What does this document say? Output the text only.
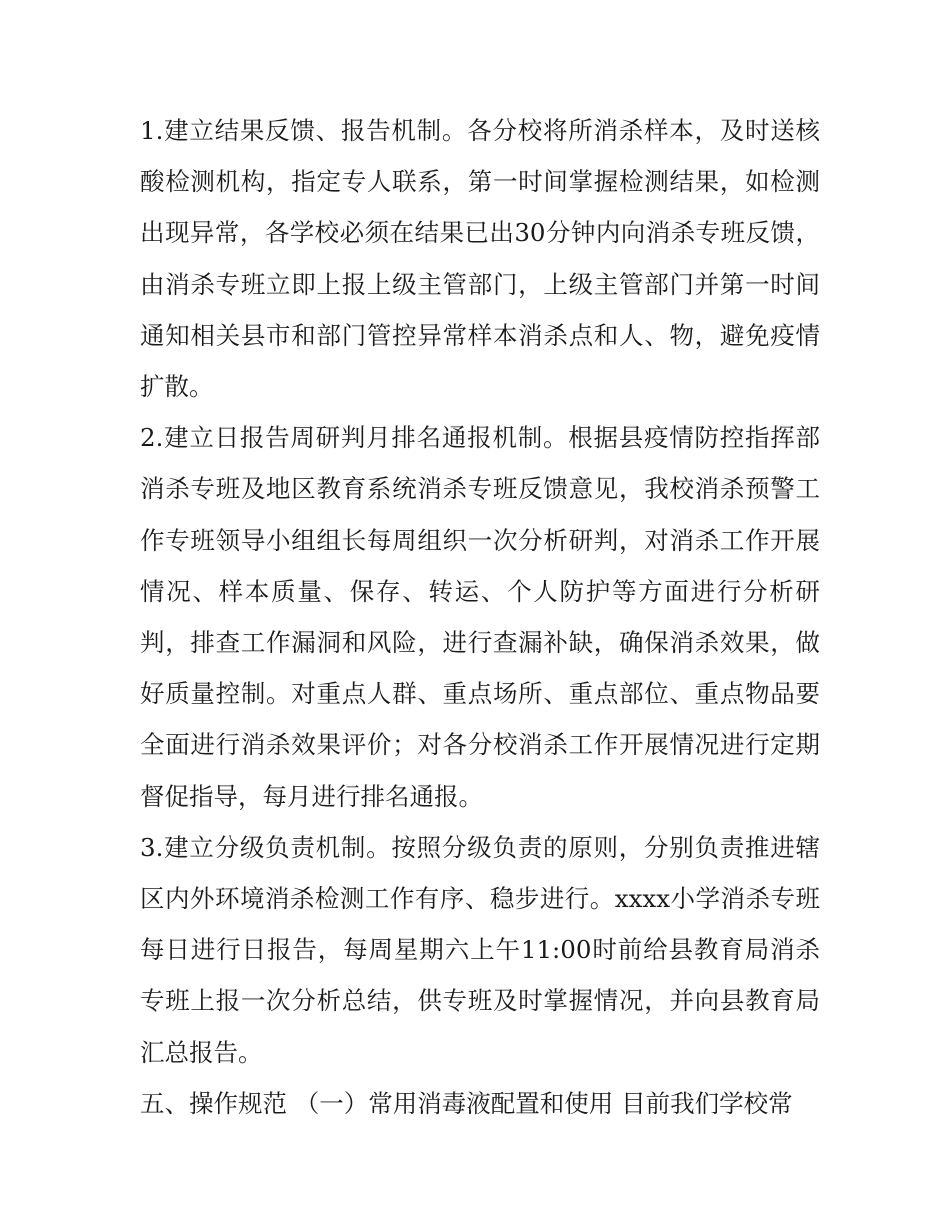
1.建立结果反馈、报告机制。各分校将所消杀样本，及时送核酸检测机构，指定专人联系，第一时间掌握检测结果，如检测出现异常，各学校必须在结果已出30分钟内向消杀专班反馈，由消杀专班立即上报上级主管部门，上级主管部门并第一时间通知相关县市和部门管控异常样本消杀点和人、物，避免疫情扩散。

2.建立日报告周研判月排名通报机制。根据县疫情防控指挥部消杀专班及地区教育系统消杀专班反馈意见，我校消杀预警工作专班领导小组组长每周组织一次分析研判，对消杀工作开展情况、样本质量、保存、转运、个人防护等方面进行分析研判，排查工作漏洞和风险，进行查漏补缺，确保消杀效果，做好质量控制。对重点人群、重点场所、重点部位、重点物品要全面进行消杀效果评价；对各分校消杀工作开展情况进行定期督促指导，每月进行排名通报。

3.建立分级负责机制。按照分级负责的原则，分别负责推进辖区内外环境消杀检测工作有序、稳步进行。xxxx小学消杀专班每日进行日报告，每周星期六上午11:00时前给县教育局消杀专班上报一次分析总结，供专班及时掌握情况，并向县教育局汇总报告。

五、操作规范 （一）常用消毒液配置和使用 目前我们学校常
